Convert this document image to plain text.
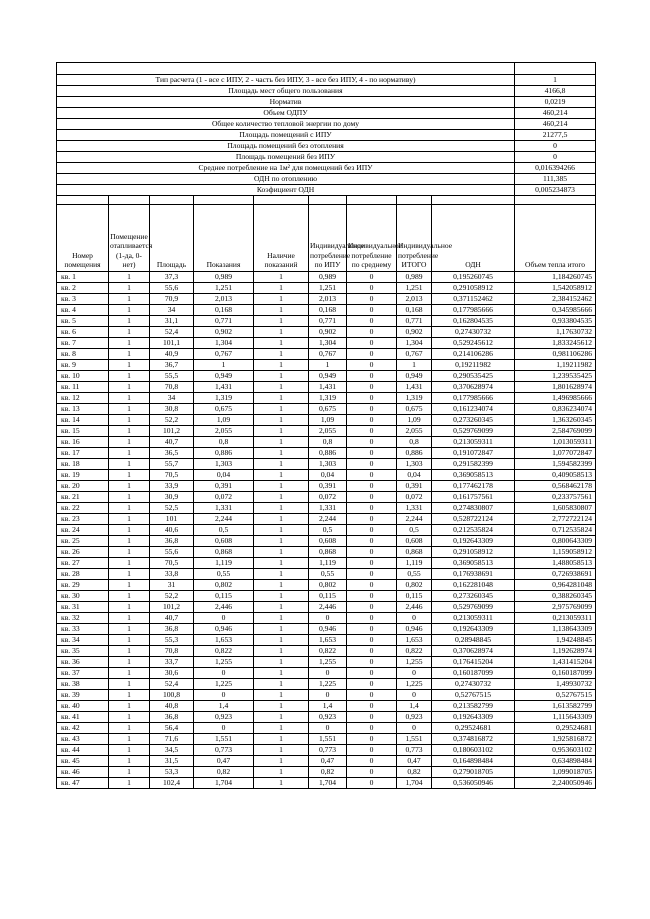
Тип расчета (1 - все с ИПУ, 2 - часть без ИПУ, 3 - все без ИПУ, 4 - по нормативу)									1
Площадь мест общего пользования									4166,8
Норматив									0,0219
Объем ОДПУ									460,214
Общее количество тепловой энергии по дому									460,214
Площадь помещений с ИПУ									21277,5
Площадь помещений без отопления									0
Площадь помещений без ИПУ									0
Среднее потребление на 1м² для помещений без ИПУ									0,016394266
ОДН по отоплению									111,385
Коэфициент ОДН									0,005234873

Номер помещения	Помещение отапливается (1-да, 0-нет)	Площадь	Показания	Наличие показаний	Индивидуальное потребление по ИПУ	Индивидуальное потребление по среднему	Индивидуальное потребление ИТОГО	ОДН	Объем тепла итого
кв. 1	1	37,3	0,989	1	0,989	0	0,989	0,195260745	1,184260745
кв. 2	1	55,6	1,251	1	1,251	0	1,251	0,291058912	1,542058912
кв. 3	1	70,9	2,013	1	2,013	0	2,013	0,371152462	2,384152462
кв. 4	1	34	0,168	1	0,168	0	0,168	0,177985666	0,345985666
кв. 5	1	31,1	0,771	1	0,771	0	0,771	0,162804535	0,933804535
кв. 6	1	52,4	0,902	1	0,902	0	0,902	0,27430732	1,17630732
кв. 7	1	101,1	1,304	1	1,304	0	1,304	0,529245612	1,833245612
кв. 8	1	40,9	0,767	1	0,767	0	0,767	0,214106286	0,981106286
кв. 9	1	36,7	1	1	1	0	1	0,19211982	1,19211982
кв. 10	1	55,5	0,949	1	0,949	0	0,949	0,290535425	1,239535425
кв. 11	1	70,8	1,431	1	1,431	0	1,431	0,370628974	1,801628974
кв. 12	1	34	1,319	1	1,319	0	1,319	0,177985666	1,496985666
кв. 13	1	30,8	0,675	1	0,675	0	0,675	0,161234074	0,836234074
кв. 14	1	52,2	1,09	1	1,09	0	1,09	0,273260345	1,363260345
кв. 15	1	101,2	2,055	1	2,055	0	2,055	0,529769099	2,584769099
кв. 16	1	40,7	0,8	1	0,8	0	0,8	0,213059311	1,013059311
кв. 17	1	36,5	0,886	1	0,886	0	0,886	0,191072847	1,077072847
кв. 18	1	55,7	1,303	1	1,303	0	1,303	0,291582399	1,594582399
кв. 19	1	70,5	0,04	1	0,04	0	0,04	0,369058513	0,409058513
кв. 20	1	33,9	0,391	1	0,391	0	0,391	0,177462178	0,568462178
кв. 21	1	30,9	0,072	1	0,072	0	0,072	0,161757561	0,233757561
кв. 22	1	52,5	1,331	1	1,331	0	1,331	0,274830807	1,605830807
кв. 23	1	101	2,244	1	2,244	0	2,244	0,528722124	2,772722124
кв. 24	1	40,6	0,5	1	0,5	0	0,5	0,212535824	0,712535824
кв. 25	1	36,8	0,608	1	0,608	0	0,608	0,192643309	0,800643309
кв. 26	1	55,6	0,868	1	0,868	0	0,868	0,291058912	1,159058912
кв. 27	1	70,5	1,119	1	1,119	0	1,119	0,369058513	1,488058513
кв. 28	1	33,8	0,55	1	0,55	0	0,55	0,176938691	0,726938691
кв. 29	1	31	0,802	1	0,802	0	0,802	0,162281048	0,964281048
кв. 30	1	52,2	0,115	1	0,115	0	0,115	0,273260345	0,388260345
кв. 31	1	101,2	2,446	1	2,446	0	2,446	0,529769099	2,975769099
кв. 32	1	40,7	0	1	0	0	0	0,213059311	0,213059311
кв. 33	1	36,8	0,946	1	0,946	0	0,946	0,192643309	1,138643309
кв. 34	1	55,3	1,653	1	1,653	0	1,653	0,28948845	1,94248845
кв. 35	1	70,8	0,822	1	0,822	0	0,822	0,370628974	1,192628974
кв. 36	1	33,7	1,255	1	1,255	0	1,255	0,176415204	1,431415204
кв. 37	1	30,6	0	1	0	0	0	0,160187099	0,160187099
кв. 38	1	52,4	1,225	1	1,225	0	1,225	0,27430732	1,49930732
кв. 39	1	100,8	0	1	0	0	0	0,52767515	0,52767515
кв. 40	1	40,8	1,4	1	1,4	0	1,4	0,213582799	1,613582799
кв. 41	1	36,8	0,923	1	0,923	0	0,923	0,192643309	1,115643309
кв. 42	1	56,4	0	1	0	0	0	0,29524681	0,29524681
кв. 43	1	71,6	1,551	1	1,551	0	1,551	0,374816872	1,925816872
кв. 44	1	34,5	0,773	1	0,773	0	0,773	0,180603102	0,953603102
кв. 45	1	31,5	0,47	1	0,47	0	0,47	0,164898484	0,634898484
кв. 46	1	53,3	0,82	1	0,82	0	0,82	0,279018705	1,099018705
кв. 47	1	102,4	1,704	1	1,704	0	1,704	0,536050946	2,240050946
